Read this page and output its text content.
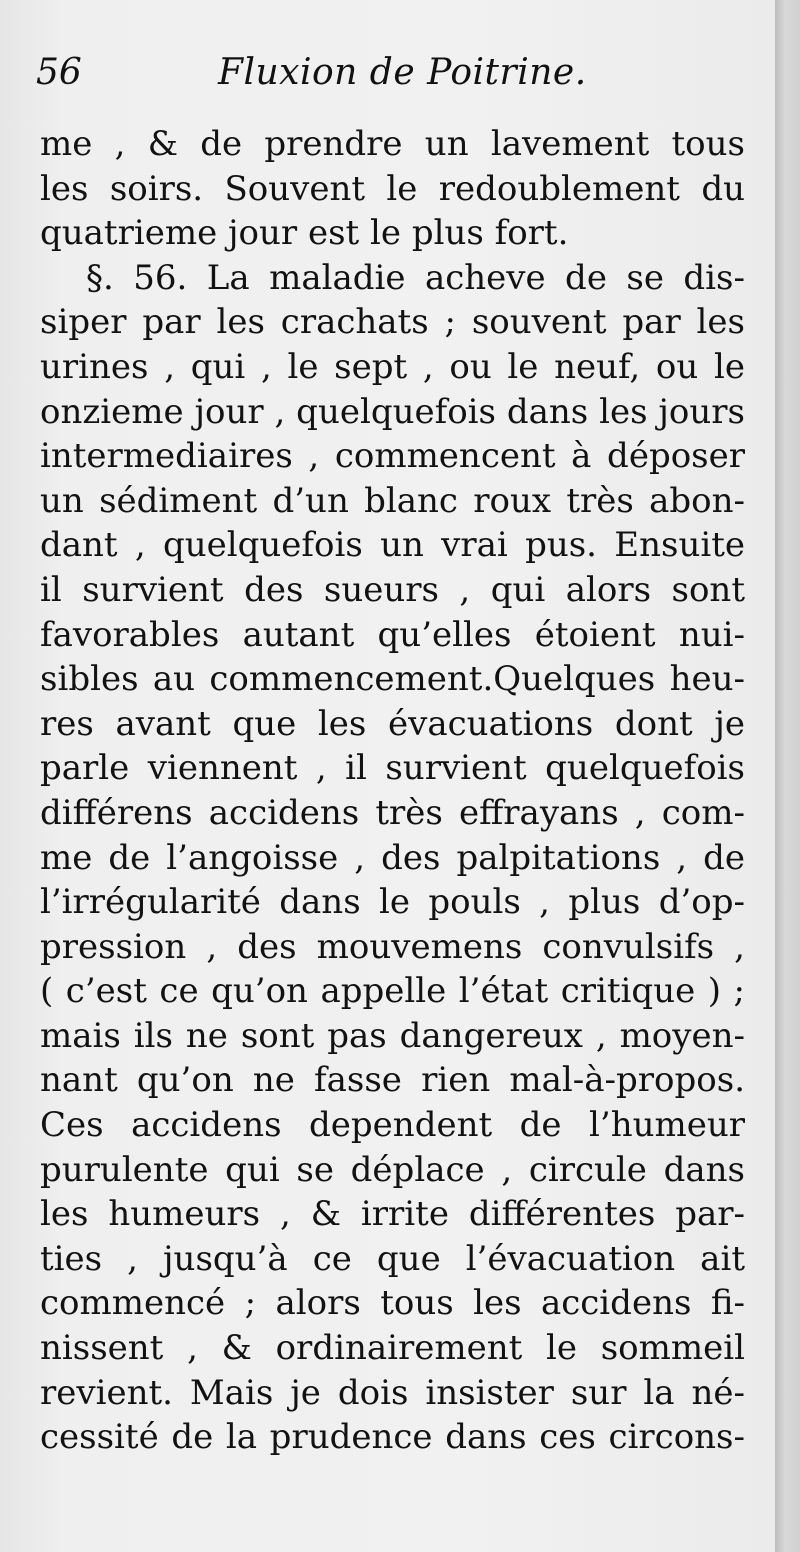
56	Fluxion de Poitrine.
me , & de prendre un lavement tous
les soirs. Souvent le redoublement du
quatrieme jour est le plus fort.
§. 56. La maladie acheve de se dis-
siper par les crachats ; souvent par les
urines , qui , le sept , ou le neuf, ou le
onzieme jour , quelquefois dans les jours
intermediaires , commencent à déposer
un sédiment d’un blanc roux très abon-
dant , quelquefois un vrai pus. Ensuite
il survient des sueurs , qui alors sont
favorables autant qu’elles étoient nui-
sibles au commencement.Quelques heu-
res avant que les évacuations dont je
parle viennent , il survient quelquefois
différens accidens très effrayans , com-
me de l’angoisse , des palpitations , de
l’irrégularité dans le pouls , plus d’op-
pression , des mouvemens convulsifs ,
( c’est ce qu’on appelle l’état critique ) ;
mais ils ne sont pas dangereux , moyen-
nant qu’on ne fasse rien mal-à-propos.
Ces accidens dependent de l’humeur
purulente qui se déplace , circule dans
les humeurs , & irrite différentes par-
ties , jusqu’à ce que l’évacuation ait
commencé ; alors tous les accidens fi-
nissent , & ordinairement le sommeil
revient. Mais je dois insister sur la né-
cessité de la prudence dans ces circons-
